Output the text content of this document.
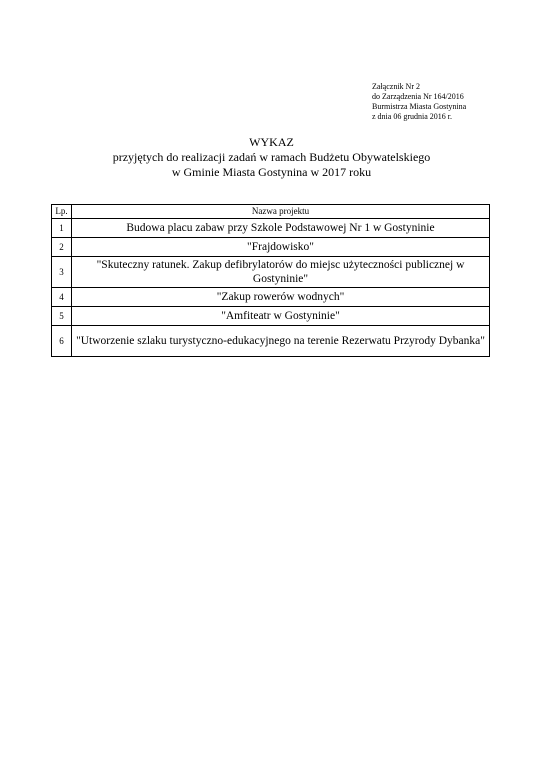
Załącznik Nr 2
do Zarządzenia Nr 164/2016
Burmistrza Miasta Gostynina
z dnia 06 grudnia 2016 r.
WYKAZ
przyjętych do realizacji zadań w ramach Budżetu Obywatelskiego
w Gminie Miasta Gostynina w 2017 roku
Lp.	Nazwa projektu
1	Budowa placu zabaw przy Szkole Podstawowej Nr 1 w Gostyninie
2	"Frajdowisko"
3	"Skuteczny ratunek. Zakup defibrylatorów do miejsc użyteczności publicznej w Gostyninie"
4	"Zakup rowerów wodnych"
5	"Amfiteatr w Gostyninie"
6	"Utworzenie szlaku turystyczno-edukacyjnego na terenie Rezerwatu Przyrody Dybanka"
